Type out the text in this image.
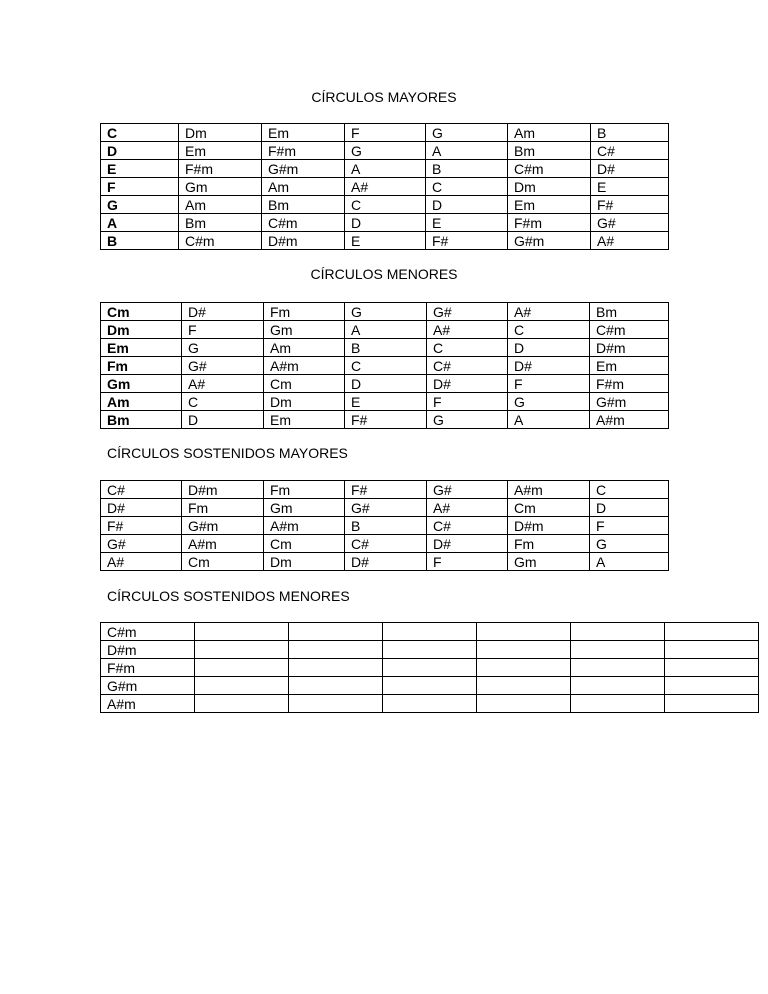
CÍRCULOS MAYORES
C	Dm	Em	F	G	Am	B
D	Em	F#m	G	A	Bm	C#
E	F#m	G#m	A	B	C#m	D#
F	Gm	Am	A#	C	Dm	E
G	Am	Bm	C	D	Em	F#
A	Bm	C#m	D	E	F#m	G#
B	C#m	D#m	E	F#	G#m	A#
CÍRCULOS MENORES
Cm	D#	Fm	G	G#	A#	Bm
Dm	F	Gm	A	A#	C	C#m
Em	G	Am	B	C	D	D#m
Fm	G#	A#m	C	C#	D#	Em
Gm	A#	Cm	D	D#	F	F#m
Am	C	Dm	E	F	G	G#m
Bm	D	Em	F#	G	A	A#m
CÍRCULOS SOSTENIDOS MAYORES
C#	D#m	Fm	F#	G#	A#m	C
D#	Fm	Gm	G#	A#	Cm	D
F#	G#m	A#m	B	C#	D#m	F
G#	A#m	Cm	C#	D#	Fm	G
A#	Cm	Dm	D#	F	Gm	A
CÍRCULOS SOSTENIDOS MENORES
C#m						
D#m						
F#m						
G#m						
A#m						
